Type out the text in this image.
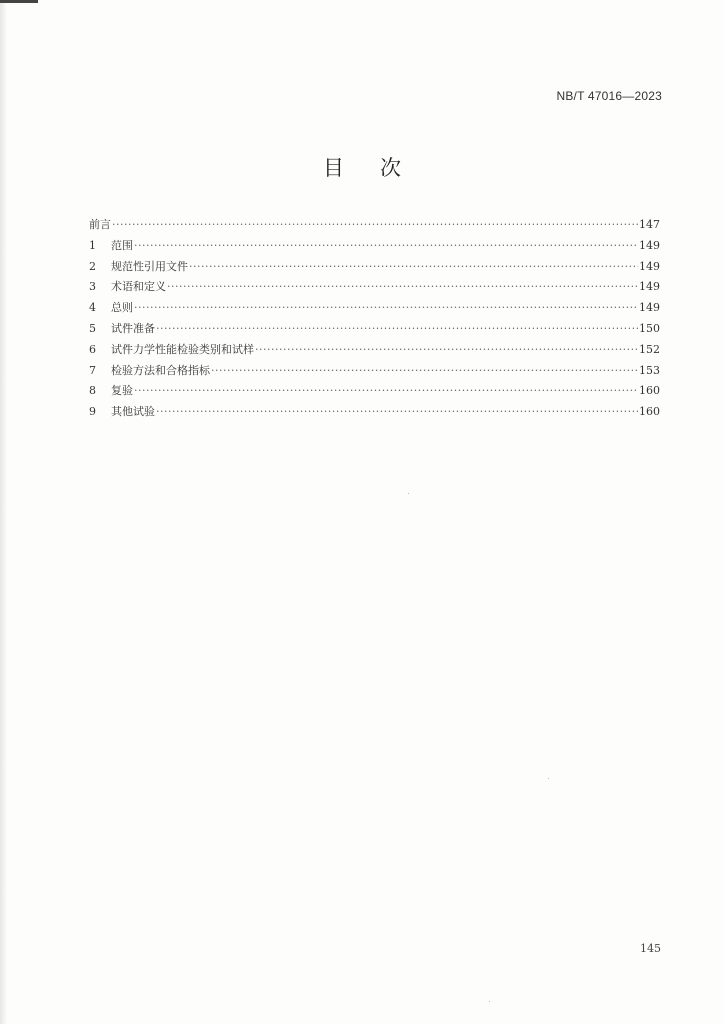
NB/T 47016—2023
目次
前言 ·····	147
1	范围 ·····	149
2	规范性引用文件 ·····	149
3	术语和定义 ·····	149
4	总则 ·····	149
5	试件准备 ·····	150
6	试件力学性能检验类别和试样 ·····	152
7	检验方法和合格指标 ·····	153
8	复验 ·····	160
9	其他试验 ·····	160
145
